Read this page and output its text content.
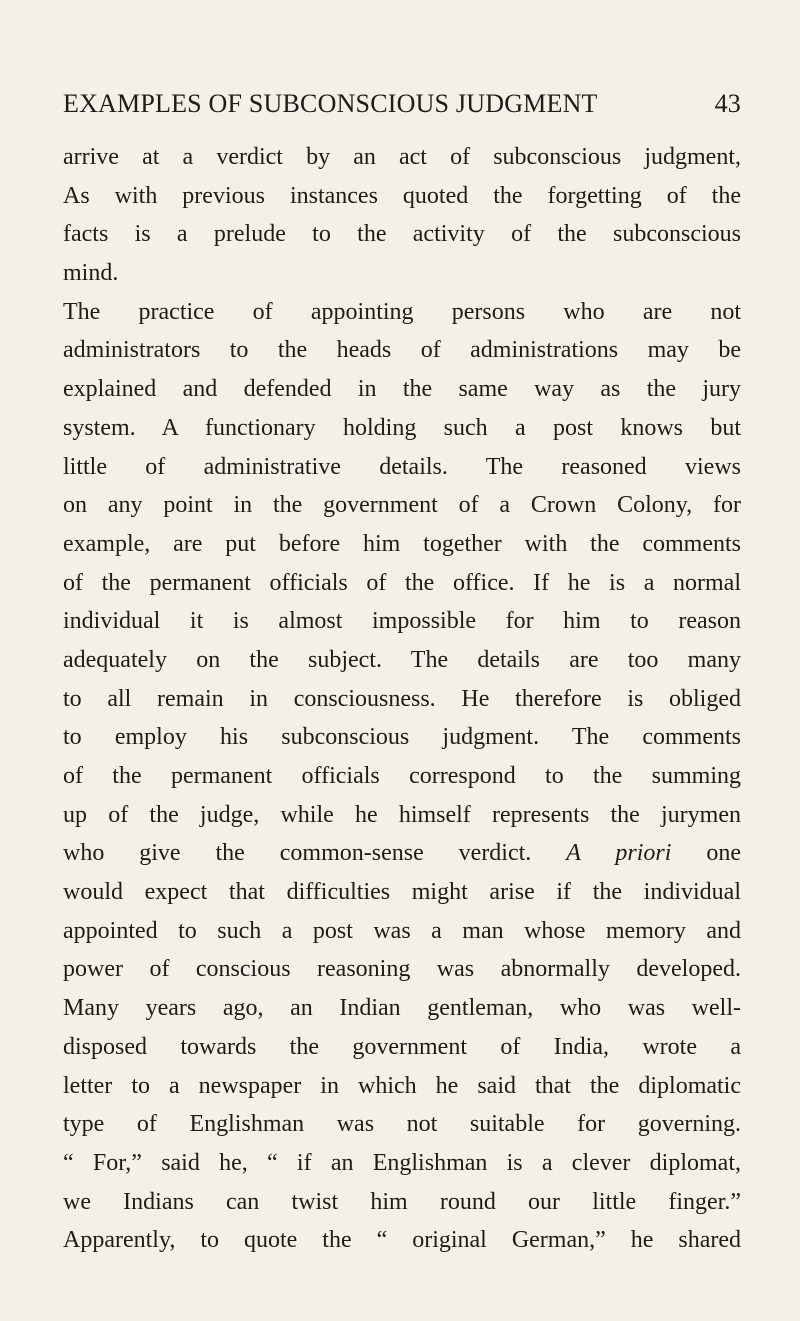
EXAMPLES OF SUBCONSCIOUS JUDGMENT	43
arrive at a verdict by an act of subconscious judgment,
As with previous instances quoted the forgetting of the
facts is a prelude to the activity of the subconscious
mind.
The practice of appointing persons who are not
administrators to the heads of administrations may be
explained and defended in the same way as the jury
system. A functionary holding such a post knows but
little of administrative details. The reasoned views
on any point in the government of a Crown Colony, for
example, are put before him together with the comments
of the permanent officials of the office. If he is a normal
individual it is almost impossible for him to reason
adequately on the subject. The details are too many
to all remain in consciousness. He therefore is obliged
to employ his subconscious judgment. The comments
of the permanent officials correspond to the summing
up of the judge, while he himself represents the jurymen
who give the common-sense verdict. A priori one
would expect that difficulties might arise if the individual
appointed to such a post was a man whose memory and
power of conscious reasoning was abnormally developed.
Many years ago, an Indian gentleman, who was well-
disposed towards the government of India, wrote a
letter to a newspaper in which he said that the diplomatic
type of Englishman was not suitable for governing.
“ For,” said he, “ if an Englishman is a clever diplomat,
we Indians can twist him round our little finger.”
Apparently, to quote the “ original German,” he shared
